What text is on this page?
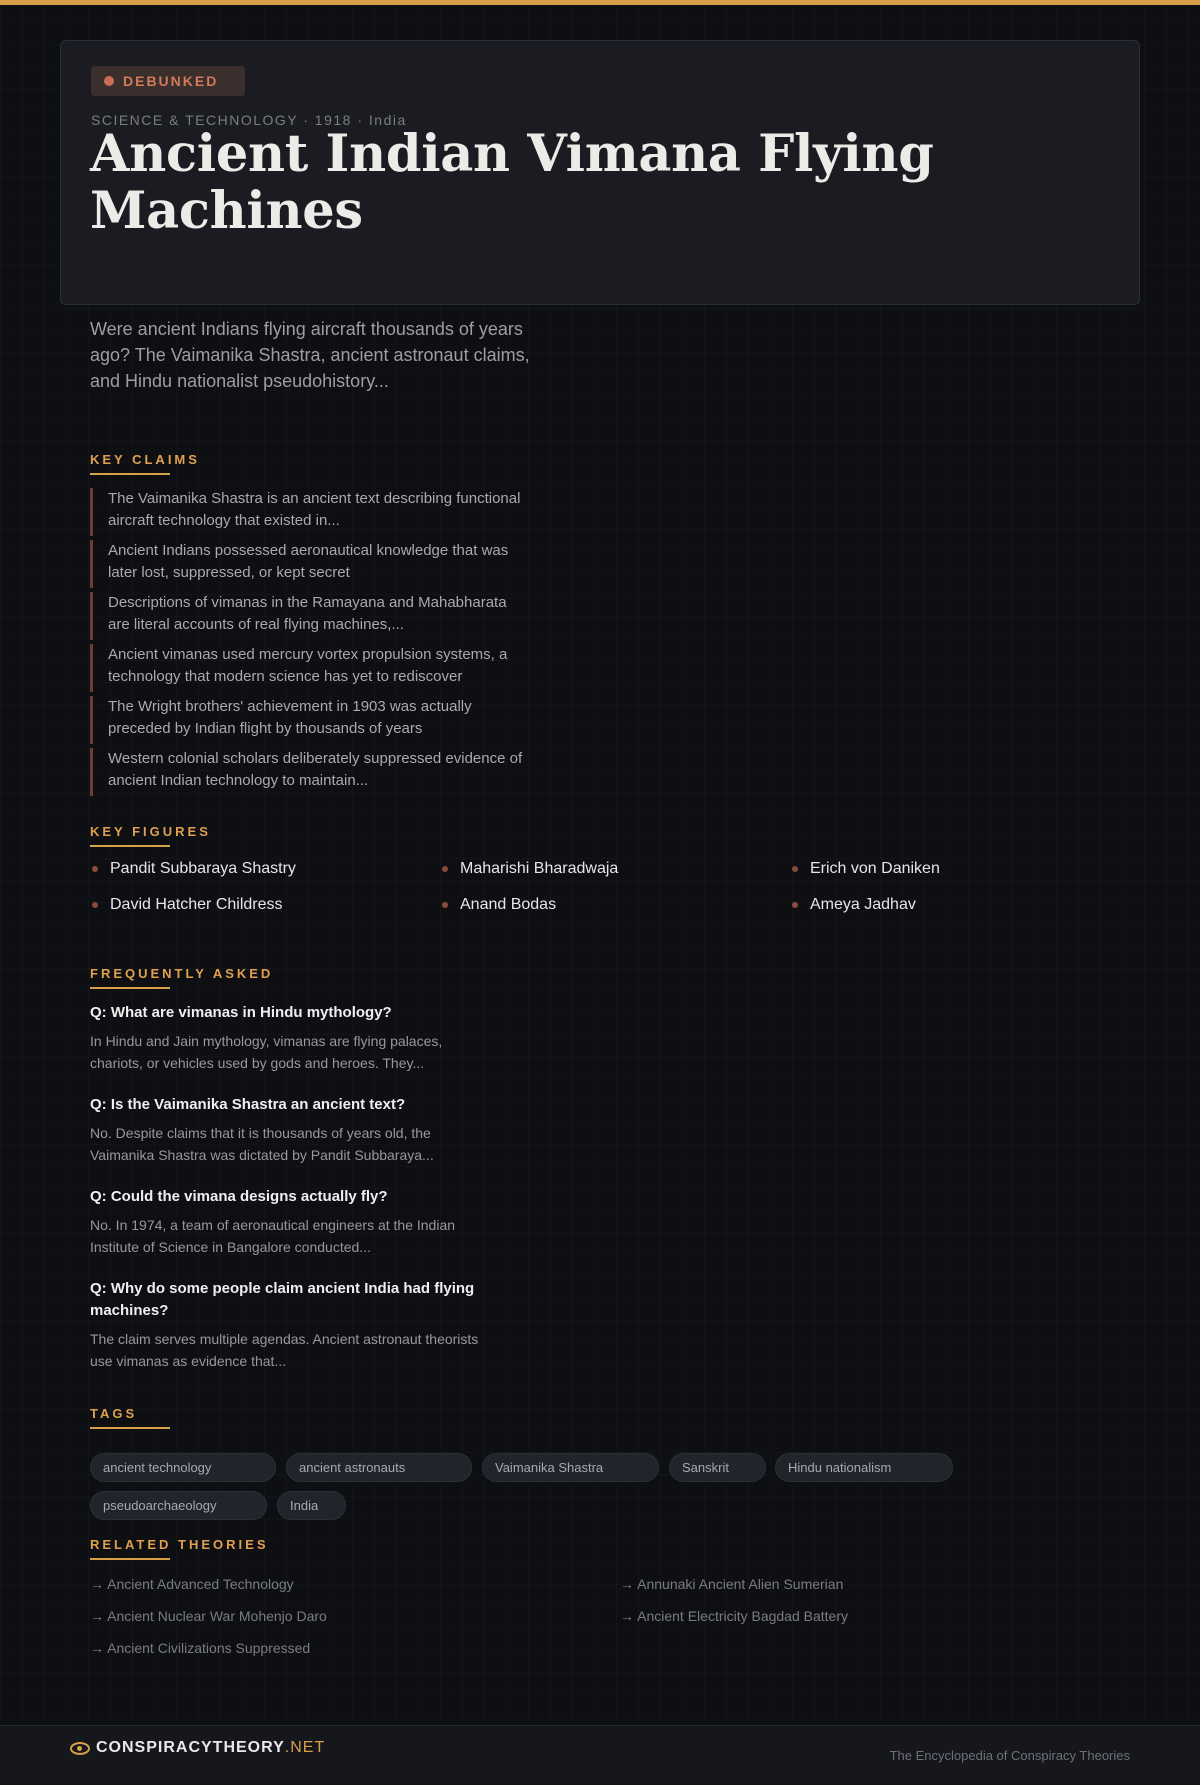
DEBUNKED
SCIENCE & TECHNOLOGY · 1918 · India
Ancient Indian Vimana Flying Machines

Were ancient Indians flying aircraft thousands of years ago? The Vaimanika Shastra, ancient astronaut claims, and Hindu nationalist pseudohistory...

KEY CLAIMS
The Vaimanika Shastra is an ancient text describing functional aircraft technology that existed in...
Ancient Indians possessed aeronautical knowledge that was later lost, suppressed, or kept secret
Descriptions of vimanas in the Ramayana and Mahabharata are literal accounts of real flying machines,...
Ancient vimanas used mercury vortex propulsion systems, a technology that modern science has yet to rediscover
The Wright brothers' achievement in 1903 was actually preceded by Indian flight by thousands of years
Western colonial scholars deliberately suppressed evidence of ancient Indian technology to maintain...
KEY FIGURES
Pandit Subbaraya Shastry	Maharishi Bharadwaja	Erich von Daniken
David Hatcher Childress	Anand Bodas	Ameya Jadhav
FREQUENTLY ASKED
Q: What are vimanas in Hindu mythology?
In Hindu and Jain mythology, vimanas are flying palaces, chariots, or vehicles used by gods and heroes. They...
Q: Is the Vaimanika Shastra an ancient text?
No. Despite claims that it is thousands of years old, the Vaimanika Shastra was dictated by Pandit Subbaraya...
Q: Could the vimana designs actually fly?
No. In 1974, a team of aeronautical engineers at the Indian Institute of Science in Bangalore conducted...
Q: Why do some people claim ancient India had flying machines?
The claim serves multiple agendas. Ancient astronaut theorists use vimanas as evidence that...
TAGS
ancient technology	ancient astronauts	Vaimanika Shastra	Sanskrit	Hindu nationalism
pseudoarchaeology	India
RELATED THEORIES
→ Ancient Advanced Technology	→ Annunaki Ancient Alien Sumerian
→ Ancient Nuclear War Mohenjo Daro	→ Ancient Electricity Bagdad Battery
→ Ancient Civilizations Suppressed
CONSPIRACYTHEORY .NET	The Encyclopedia of Conspiracy Theories
